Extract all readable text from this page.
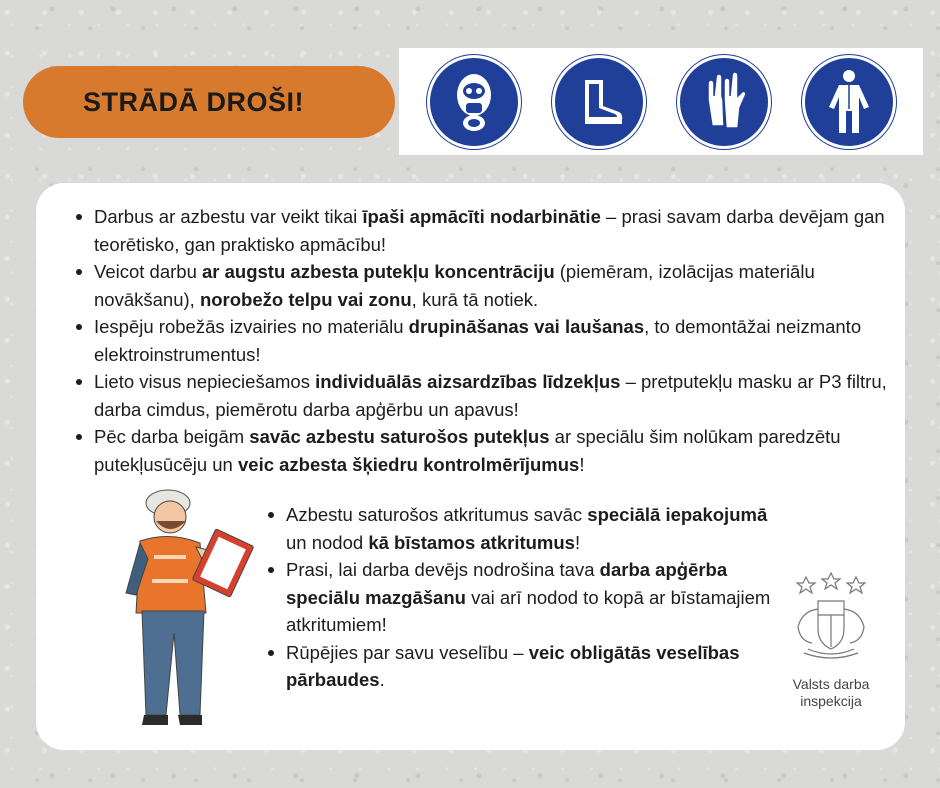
STRĀDĀ DROŠI!
Darbus ar azbestu var veikt tikai īpaši apmācīti nodarbinātie – prasi savam darba devējam gan teorētisko, gan praktisko apmācību!
Veicot darbu ar augstu azbesta putekļu koncentrāciju (piemēram, izolācijas materiālu novākšanu), norobežo telpu vai zonu, kurā tā notiek.
Iespēju robežās izvairies no materiālu drupināšanas vai laušanas, to demontāžai neizmanto elektroinstrumentus!
Lieto visus nepieciešamos individuālās aizsardzības līdzekļus – pretputekļu masku ar P3 filtru, darba cimdus, piemērotu darba apģērbu un apavus!
Pēc darba beigām savāc azbestu saturošos putekļus ar speciālu šim nolūkam paredzētu putekļusūcēju un veic azbesta šķiedru kontrolmērījumus!
Azbestu saturošos atkritumus savāc speciālā iepakojumā un nodod kā bīstamos atkritumus!
Prasi, lai darba devējs nodrošina tava darba apģērba speciālu mazgāšanu vai arī nodod to kopā ar bīstamajiem atkritumiem!
Rūpējies par savu veselību – veic obligātās veselības pārbaudes.	Valsts darba
inspekcija
